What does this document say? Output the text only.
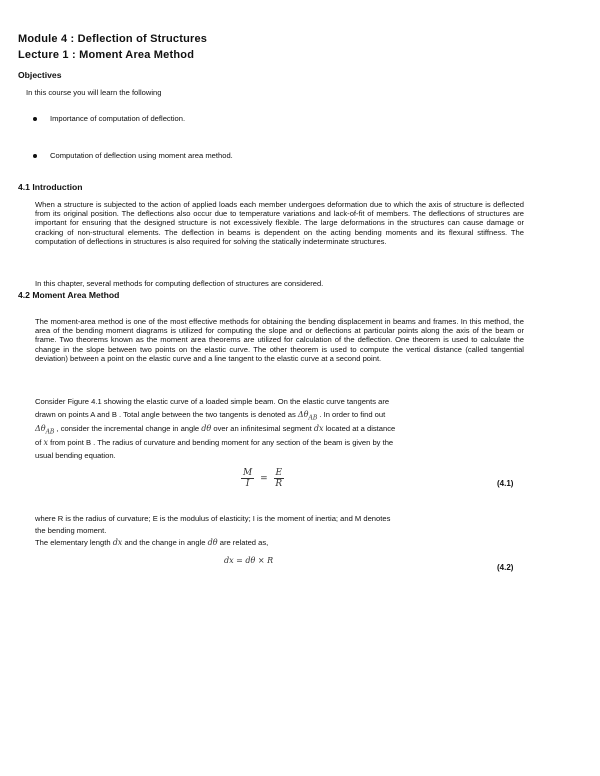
Module 4 : Deflection of Structures
Lecture 1 : Moment Area Method
Objectives
In this course you will learn the following
Importance of computation of deflection.
Computation of deflection using moment area method.
4.1 Introduction
When a structure is subjected to the action of applied loads each member undergoes deformation due to which the axis of structure is deflected from its original position. The deflections also occur due to temperature variations and lack-of-fit of members. The deflections of structures are important for ensuring that the designed structure is not excessively flexible. The large deformations in the structures can cause damage or cracking of non-structural elements. The deflection in beams is dependent on the acting bending moments and its flexural stiffness. The computation of deflections in structures is also required for solving the statically indeterminate structures.
In this chapter, several methods for computing deflection of structures are considered.
4.2 Moment Area Method
The moment-area method is one of the most effective methods for obtaining the bending displacement in beams and frames. In this method, the area of the bending moment diagrams is utilized for computing the slope and or deflections at particular points along the axis of the beam or frame. Two theorems known as the moment area theorems are utilized for calculation of the deflection. One theorem is used to calculate the change in the slope between two points on the elastic curve. The other theorem is used to compute the vertical distance (called tangential deviation) between a point on the elastic curve and a line tangent to the elastic curve at a second point.
Consider Figure 4.1 showing the elastic curve of a loaded simple beam. On the elastic curve tangents are
drawn on points A and B . Total angle between the two tangents is denoted as $\Delta\theta_{AB}$ . In order to find out
$\Delta\theta_{AB}$ , consider the incremental change in angle dθ over an infinitesimal segment dx located at a distance
of x from point B . The radius of curvature and bending moment for any section of the beam is given by the
usual bending equation.
$\frac{M}{I} = \frac{E}{R}$	(4.1)
where R is the radius of curvature; E is the modulus of elasticity; I is the moment of inertia; and M denotes
the bending moment.
The elementary length dx and the change in angle dθ are related as,
dx = dθ × R
(4.2)
